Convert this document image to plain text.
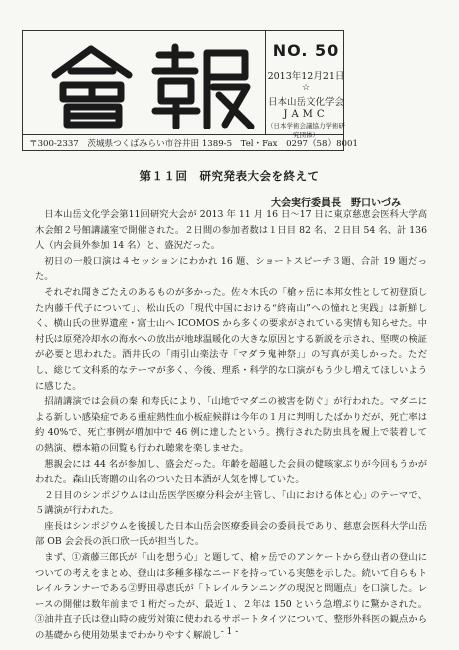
NO. 50
2013年12月21日
☆
日本山岳文化学会
JAMC
（日本学術会議協力学術研究団体）
〒300-2337　茨城県つくばみらい市谷井田 1389-5　Tel・Fax　0297（58）8001
第１１回　研究発表大会を終えて
大会実行委員長　野口いづみ

日本山岳文化学会第11回研究大会が 2013 年 11 月 16 日〜17 日に東京慈恵会医科大学高木会館２号館講議室で開催された。２日間の参加者数は１日目 82 名、２日目 54 名、計 136 人（内会員外参加 14 名）と、盛況だった。

初日の一般口演は４セッションにわかれ 16 題、ショートスピーチ３題、合計 19 題だった。

それぞれ聞きごたえのあるものが多かった。佐々木氏の「槍ヶ岳に本邦女性として初登頂した内藤千代子について」、松山氏の「現代中国における“終南山”への憧れと実践」は新鮮しく、横山氏の世界遺産・富士山へ ICOMOS から多くの要求がされている実情も知らせた。中村氏は原発冷却水の海水への放出が地球温暖化の大きな原因とする新説を示され、堅喫の検証が必要と思われた。酒井氏の「雨引山楽法寺「マダラ鬼神祭」」の写真が美しかった。ただし、総じて文科系的なテーマが多く、今後、理系・科学的な口演がもう少し増えてほしいように感じた。

招請講演では会員の秦 和寿氏により、「山地でマダニの被害を防ぐ」が行われた。マダニによる新しい感染症である重症熱性血小板症候群は今年の１月に判明したばかりだが、死亡率は約 40%で、死亡事例が増加中で 46 例に達したという。携行された防虫具を履上で装着しての熱演、標本箱の回覧も行われ聴衆を楽しませた。

懇親会には 44 名が参加し、盛会だった。年齢を超越した会員の健咳家ぶりが今回もうかがわれた。森山氏寄贈の山名のついた日本酒が人気を博していた。

２日目のシンポジウムは山岳医学医療分科会が主管し、｢山における体と心｣ のテーマで、５講演が行われた。

座長はシンポジウムを後援した日本山岳会医療委員会の委員長であり、慈恵会医科大学山岳部 OB 会会長の浜口欣一氏が担当した。

まず、①斎藤三郎氏が「山を想う心」と題して、槍ヶ岳でのアンケートから登山者の登山についての考えをまとめ、登山は多種多様なニードを持っている実態を示した。続いて自らもトレイルランナーである②野田尋恵氏が「トレイルランニングの現況と問題点」を口演した。レースの開催は数年前まで１桁だったが、最近１、２年は 150 という急増ぶりに驚かされた。③油井直子氏は登山時の疲労対策に使われるサポートタイツについて、整形外科医の観点からの基礎から使用効果までわかりやすく解説し - 1 -
